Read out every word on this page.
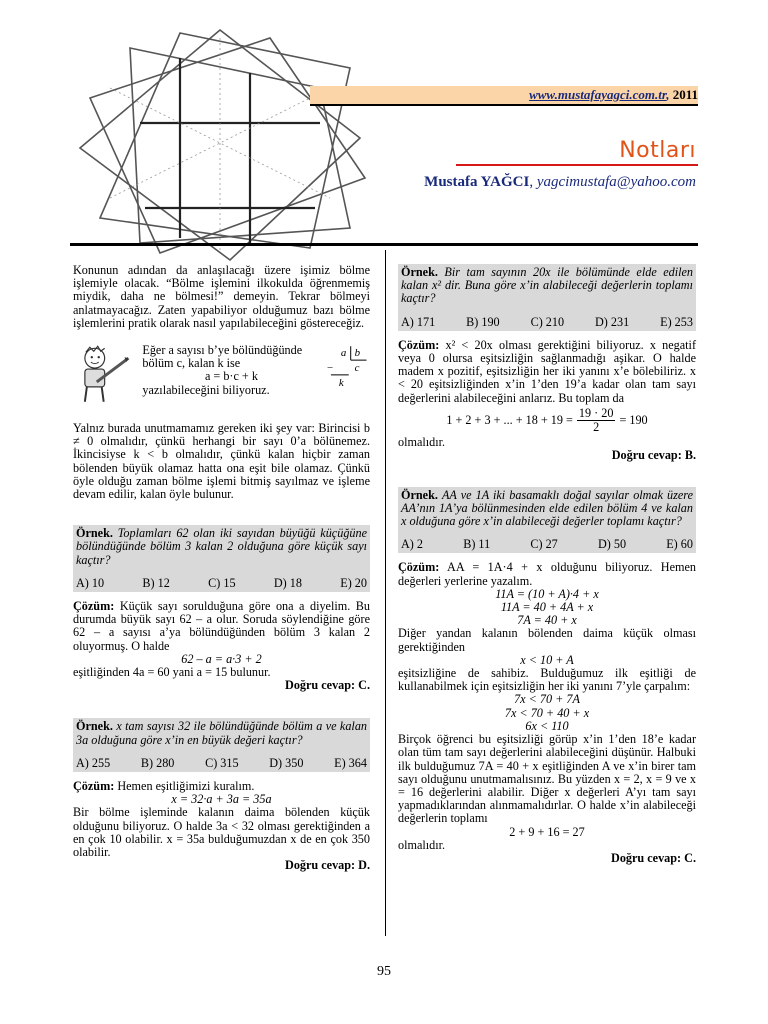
www.mustafayagci.com.tr, 2011
Notları
Mustafa YAĞCI, yagcimustafa@yahoo.com

Konunun adından da anlaşılacağı üzere işimiz bölme işlemiyle olacak. “Bölme işlemini ilkokulda öğrenmemiş miydik, daha ne bölmesi!” demeyin. Tekrar bölmeyi anlatmayacağız. Zaten yapabiliyor olduğumuz bazı bölme işlemlerini pratik olarak nasıl yapılabileceğini göstereceğiz.

Eğer a sayısı b’ye bölündüğünde bölüm c, kalan k ise

a = b·c + k

yazılabileceğini biliyoruz.

a b
c
−
k

Yalnız burada unutmamamız gereken iki şey var: Birincisi b ≠ 0 olmalıdır, çünkü herhangi bir sayı 0’a bölünemez. İkincisiyse k < b olmalıdır, çünkü kalan hiçbir zaman bölenden büyük olamaz hatta ona eşit bile olamaz. Çünkü öyle olduğu zaman bölme işlemi bitmiş sayılmaz ve işleme devam edilir, kalan öyle bulunur.

Örnek. Toplamları 62 olan iki sayıdan büyüğü küçüğüne bölündüğünde bölüm 3 kalan 2 olduğuna göre küçük sayı kaçtır?

A) 10	B) 12	C) 15	D) 18	E) 20

Çözüm: Küçük sayı sorulduğuna göre ona a diyelim. Bu durumda büyük sayı 62 – a olur. Soruda söylendiğine göre 62 – a sayısı a’ya bölündüğünden bölüm 3 kalan 2 oluyormuş. O halde

62 – a = a·3 + 2

eşitliğinden 4a = 60 yani a = 15 bulunur.

Doğru cevap: C.

Örnek. x tam sayısı 32 ile bölündüğünde bölüm a ve kalan 3a olduğuna göre x’in en büyük değeri kaçtır?

A) 255	B) 280	C) 315	D) 350	E) 364

Çözüm: Hemen eşitliğimizi kuralım.

x = 32·a + 3a = 35a

Bir bölme işleminde kalanın daima bölenden küçük olduğunu biliyoruz. O halde 3a < 32 olması gerektiğinden a en çok 10 olabilir. x = 35a bulduğumuzdan x de en çok 350 olabilir.

Doğru cevap: D.

Örnek. Bir tam sayının 20x ile bölümünde elde edilen kalan x² dir. Buna göre x’in alabileceği değerlerin toplamı kaçtır?

A) 171	B) 190	C) 210	D) 231	E) 253

Çözüm: x² < 20x olması gerektiğini biliyoruz. x negatif veya 0 olursa eşitsizliğin sağlanmadığı aşikar. O halde madem x pozitif, eşitsizliğin her iki yanını x’e bölebiliriz. x < 20 eşitsizliğinden x’in 1’den 19’a kadar olan tam sayı değerlerini alabileceğini anlarız. Bu toplam da

1 + 2 + 3 + ... + $18 + 19 = \frac{19 \cdot 20}{2} = 190$

olmalıdır.

Doğru cevap: B.

Örnek. AA ve 1A iki basamaklı doğal sayılar olmak üzere AA’nın 1A’ya bölünmesinden elde edilen bölüm 4 ve kalan x olduğuna göre x’in alabileceği değerler toplamı kaçtır?

A) 2	B) 11	C) 27	D) 50	E) 60

Çözüm: AA = 1A·4 + x olduğunu biliyoruz. Hemen değerleri yerlerine yazalım.

11A = (10 + A)·4 + x

11A = 40 + 4A + x

7A = 40 + x

Diğer yandan kalanın bölenden daima küçük olması gerektiğinden

x < 10 + A

eşitsizliğine de sahibiz. Bulduğumuz ilk eşitliği de kullanabilmek için eşitsizliğin her iki yanını 7’yle çarpalım:

7x < 70 + 7A

7x < 70 + 40 + x

6x < 110

Birçok öğrenci bu eşitsizliği görüp x’in 1’den 18’e kadar olan tüm tam sayı değerlerini alabileceğini düşünür. Halbuki ilk bulduğumuz 7A = 40 + x eşitliğinden A ve x’in birer tam sayı olduğunu unutmamalısınız. Bu yüzden x = 2, x = 9 ve x = 16 değerlerini alabilir. Diğer x değerleri A’yı tam sayı yapmadıklarından alınmamalıdırlar. O halde x’in alabileceği değerlerin toplamı

2 + 9 + 16 = 27

olmalıdır.

Doğru cevap: C.

95
